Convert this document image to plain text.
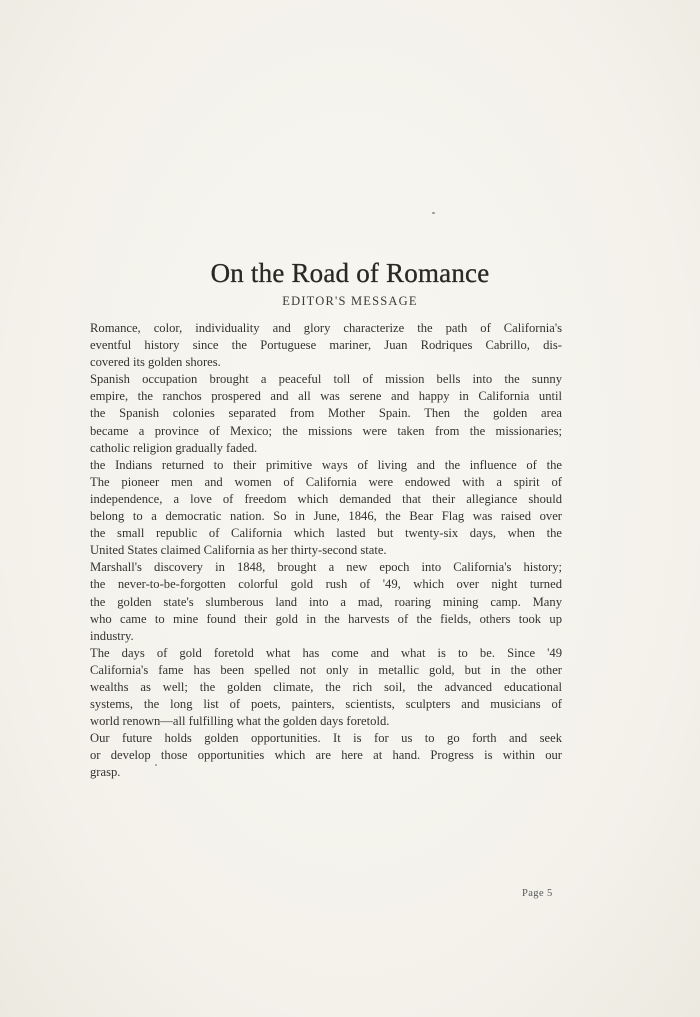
On the Road of Romance
EDITOR'S MESSAGE
Romance, color, individuality and glory characterize the path of California's
eventful history since the Portuguese mariner, Juan Rodriques Cabrillo, dis-
covered its golden shores.
Spanish occupation brought a peaceful toll of mission bells into the sunny
empire, the ranchos prospered and all was serene and happy in California until
the Spanish colonies separated from Mother Spain. Then the golden area
became a province of Mexico; the missions were taken from the missionaries;
catholic religion gradually faded.
the Indians returned to their primitive ways of living and the influence of the
The pioneer men and women of California were endowed with a spirit of
independence, a love of freedom which demanded that their allegiance should
belong to a democratic nation. So in June, 1846, the Bear Flag was raised over
the small republic of California which lasted but twenty-six days, when the
United States claimed California as her thirty-second state.
Marshall's discovery in 1848, brought a new epoch into California's history;
the never-to-be-forgotten colorful gold rush of '49, which over night turned
the golden state's slumberous land into a mad, roaring mining camp. Many
who came to mine found their gold in the harvests of the fields, others took up
industry.
The days of gold foretold what has come and what is to be. Since '49
California's fame has been spelled not only in metallic gold, but in the other
wealths as well; the golden climate, the rich soil, the advanced educational
systems, the long list of poets, painters, scientists, sculpters and musicians of
world renown—all fulfilling what the golden days foretold.
Our future holds golden opportunities. It is for us to go forth and seek
or develop those opportunities which are here at hand. Progress is within our
grasp.
Page 5
